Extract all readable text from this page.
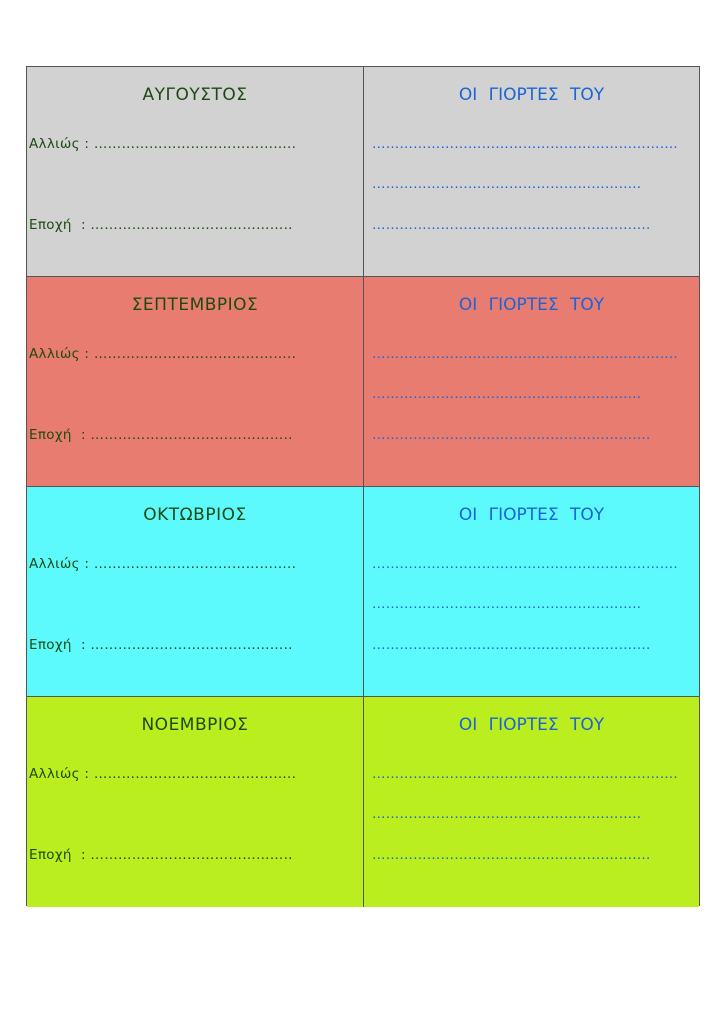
ΑΥΓΟΥΣΤΟΣ
Αλλιώς : ……………………………………..
Εποχή  : ……………………………………..
ΟΙ ΓΙΟΡΤΕΣ ΤΟΥ
………………………………………………………….
…………………………………………………..
…………………………………………………….
ΣΕΠΤΕΜΒΡΙΟΣ
Αλλιώς : ……………………………………..
Εποχή  : ……………………………………..
ΟΙ ΓΙΟΡΤΕΣ ΤΟΥ
………………………………………………………….
…………………………………………………..
…………………………………………………….
ΟΚΤΩΒΡΙΟΣ
Αλλιώς : ……………………………………..
Εποχή  : ……………………………………..
ΟΙ ΓΙΟΡΤΕΣ ΤΟΥ
………………………………………………………….
…………………………………………………..
…………………………………………………….
ΝΟΕΜΒΡΙΟΣ
Αλλιώς : ……………………………………..
Εποχή  : ……………………………………..
ΟΙ ΓΙΟΡΤΕΣ ΤΟΥ
………………………………………………………….
…………………………………………………..
…………………………………………………….
